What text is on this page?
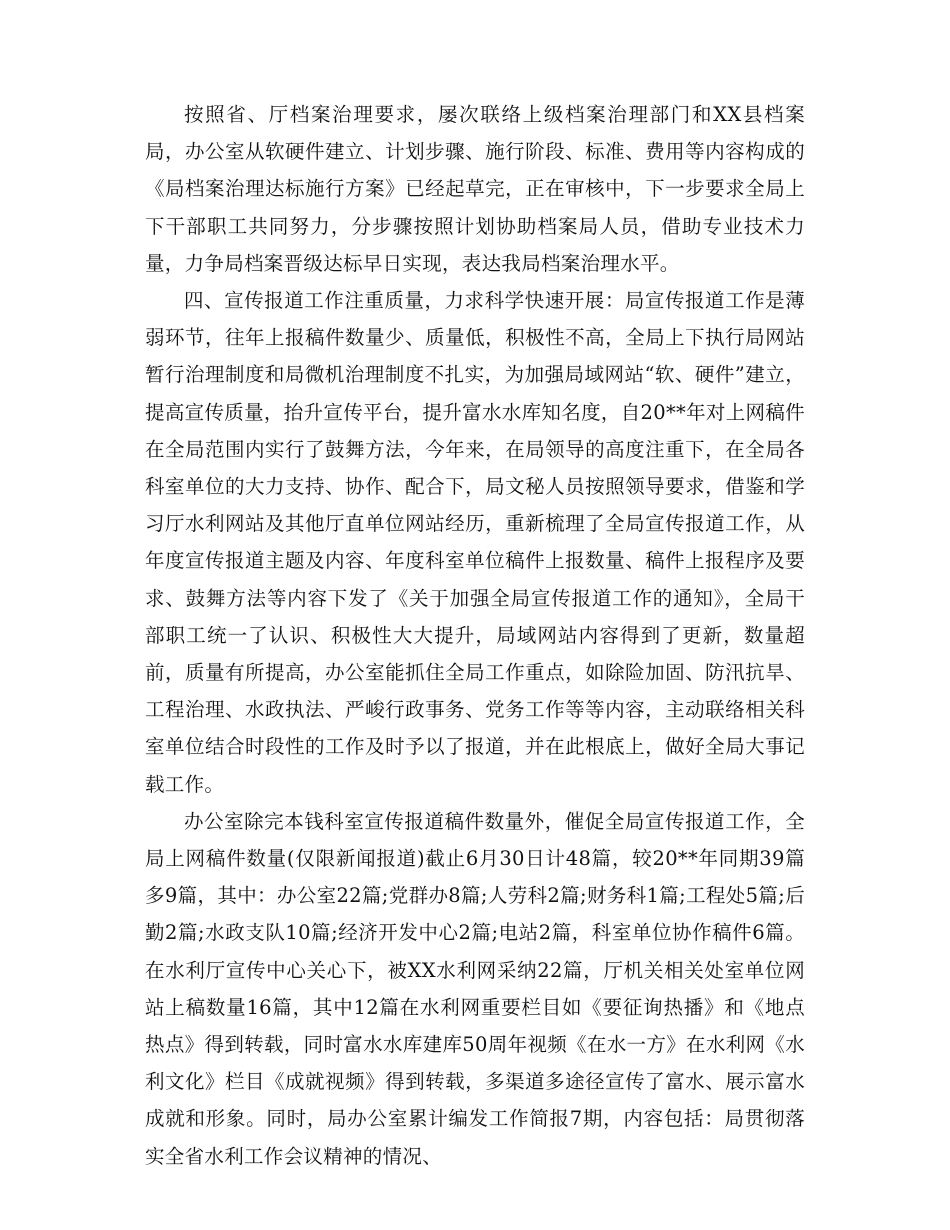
按照省、厅档案治理要求，屡次联络上级档案治理部门和XX县档案局，办公室从软硬件建立、计划步骤、施行阶段、标准、费用等内容构成的《局档案治理达标施行方案》已经起草完，正在审核中，下一步要求全局上下干部职工共同努力，分步骤按照计划协助档案局人员，借助专业技术力量，力争局档案晋级达标早日实现，表达我局档案治理水平。

四、宣传报道工作注重质量，力求科学快速开展：局宣传报道工作是薄弱环节，往年上报稿件数量少、质量低，积极性不高，全局上下执行局网站暂行治理制度和局微机治理制度不扎实，为加强局域网站“软、硬件”建立，提高宣传质量，抬升宣传平台，提升富水水库知名度，自20**年对上网稿件在全局范围内实行了鼓舞方法，今年来，在局领导的高度注重下，在全局各科室单位的大力支持、协作、配合下，局文秘人员按照领导要求，借鉴和学习厅水利网站及其他厅直单位网站经历，重新梳理了全局宣传报道工作，从年度宣传报道主题及内容、年度科室单位稿件上报数量、稿件上报程序及要求、鼓舞方法等内容下发了《关于加强全局宣传报道工作的通知》，全局干部职工统一了认识、积极性大大提升，局域网站内容得到了更新，数量超前，质量有所提高，办公室能抓住全局工作重点，如除险加固、防汛抗旱、工程治理、水政执法、严峻行政事务、党务工作等等内容，主动联络相关科室单位结合时段性的工作及时予以了报道，并在此根底上，做好全局大事记载工作。

办公室除完本钱科室宣传报道稿件数量外，催促全局宣传报道工作，全局上网稿件数量(仅限新闻报道)截止6月30日计48篇，较20**年同期39篇多9篇，其中：办公室22篇;党群办8篇;人劳科2篇;财务科1篇;工程处5篇;后勤2篇;水政支队10篇;经济开发中心2篇;电站2篇，科室单位协作稿件6篇。在水利厅宣传中心关心下，被XX水利网采纳22篇，厅机关相关处室单位网站上稿数量16篇，其中12篇在水利网重要栏目如《要征询热播》和《地点热点》得到转载，同时富水水库建库50周年视频《在水一方》在水利网《水利文化》栏目《成就视频》得到转载，多渠道多途径宣传了富水、展示富水成就和形象。同时，局办公室累计编发工作简报7期，内容包括：局贯彻落实全省水利工作会议精神的情况、
